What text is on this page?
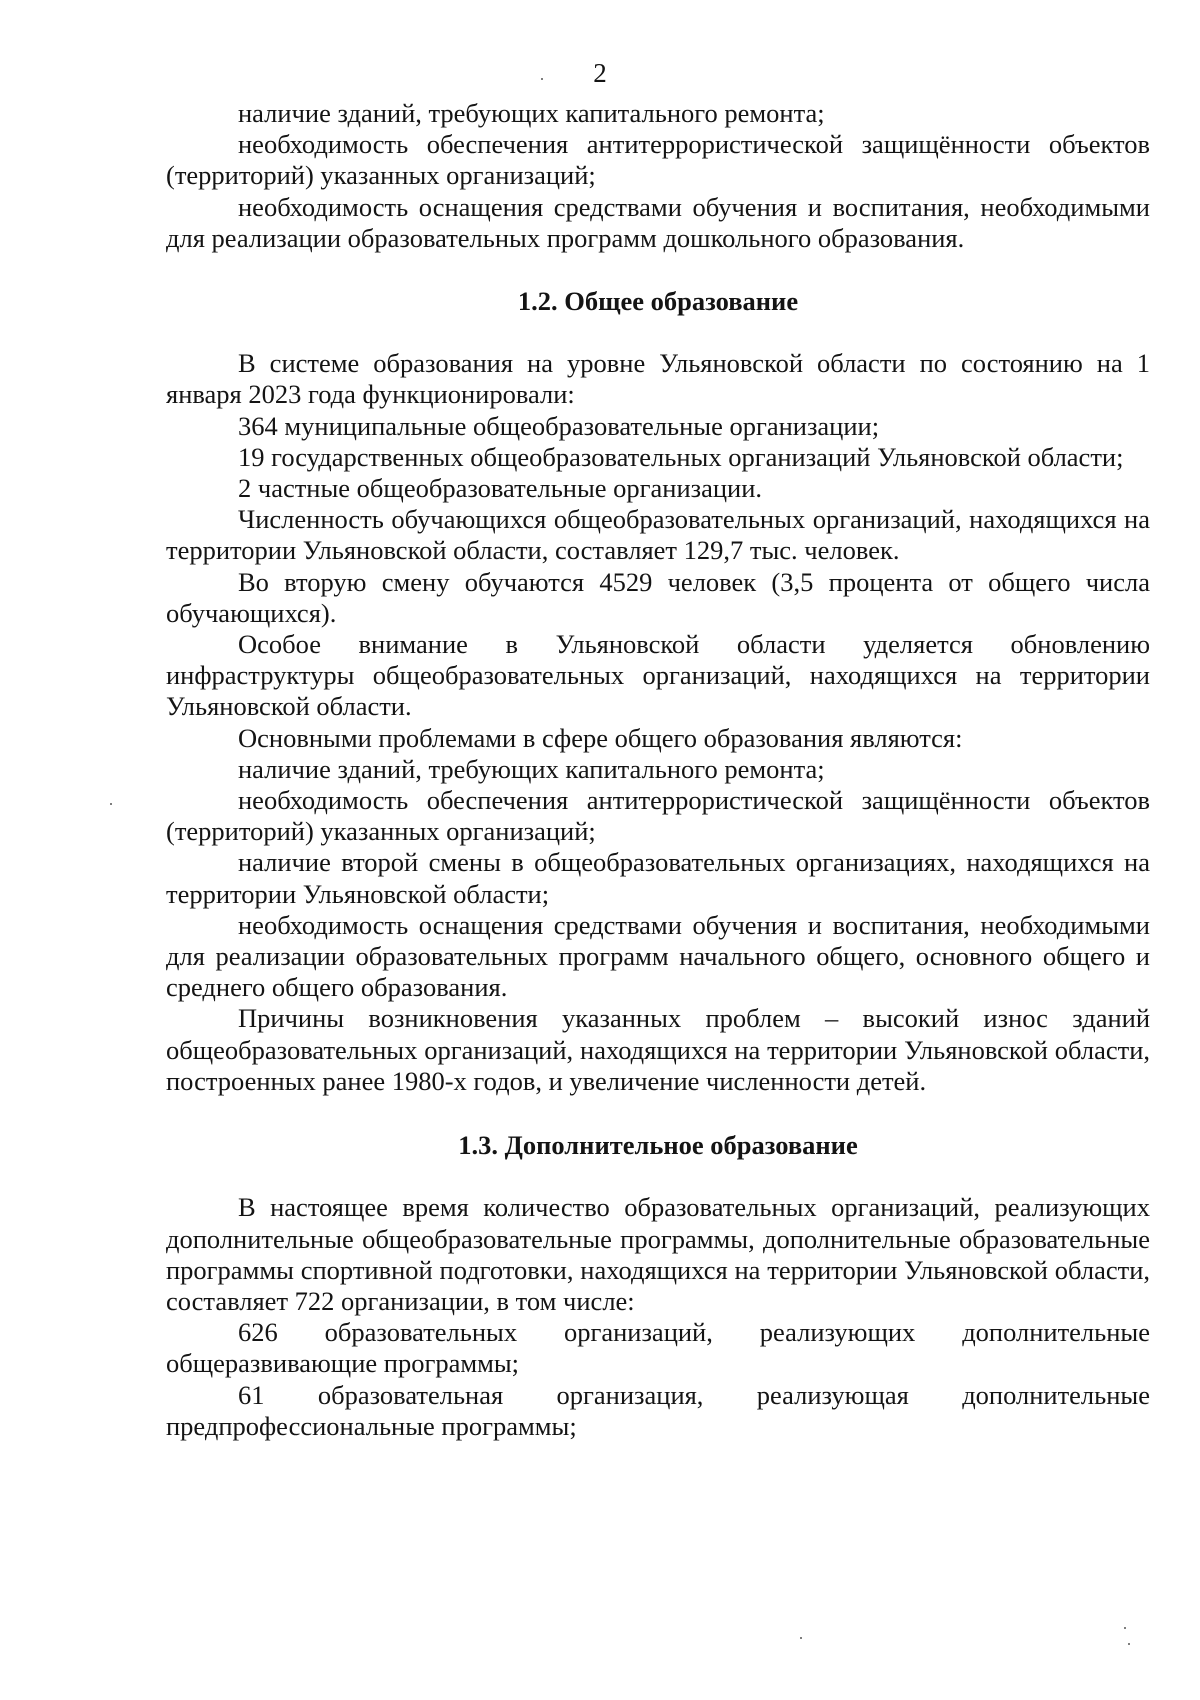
2

наличие зданий, требующих капитального ремонта;

необходимость обеспечения антитеррористической защищённости объектов (территорий) указанных организаций;

необходимость оснащения средствами обучения и воспитания, необходимыми для реализации образовательных программ дошкольного образования.

1.2. Общее образование

В системе образования на уровне Ульяновской области по состоянию на 1 января 2023 года функционировали:

364 муниципальные общеобразовательные организации;

19 государственных общеобразовательных организаций Ульяновской области;

2 частные общеобразовательные организации.

Численность обучающихся общеобразовательных организаций, находящихся на территории Ульяновской области, составляет 129,7 тыс. человек.

Во вторую смену обучаются 4529 человек (3,5 процента от общего числа обучающихся).

Особое внимание в Ульяновской области уделяется обновлению инфраструктуры общеобразовательных организаций, находящихся на территории Ульяновской области.

Основными проблемами в сфере общего образования являются:

наличие зданий, требующих капитального ремонта;

необходимость обеспечения антитеррористической защищённости объектов (территорий) указанных организаций;

наличие второй смены в общеобразовательных организациях, находящихся на территории Ульяновской области;

необходимость оснащения средствами обучения и воспитания, необходимыми для реализации образовательных программ начального общего, основного общего и среднего общего образования.

Причины возникновения указанных проблем – высокий износ зданий общеобразовательных организаций, находящихся на территории Ульяновской области, построенных ранее 1980-х годов, и увеличение численности детей.

1.3. Дополнительное образование

В настоящее время количество образовательных организаций, реализующих дополнительные общеобразовательные программы, дополнительные образовательные программы спортивной подготовки, находящихся на территории Ульяновской области, составляет 722 организации, в том числе:

626 образовательных организаций, реализующих дополнительные общеразвивающие программы;

61 образовательная организация, реализующая дополнительные предпрофессиональные программы;
